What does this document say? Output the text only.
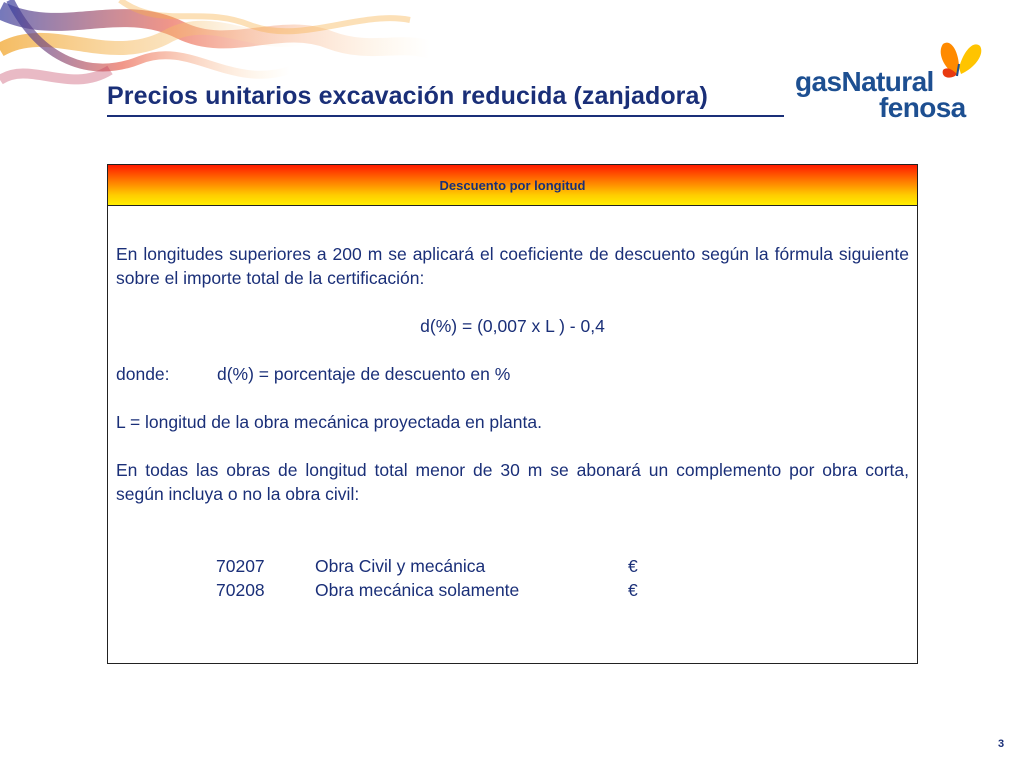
Precios unitarios excavación reducida (zanjadora)	gasNatural
fenosa
Descuento por longitud
En longitudes superiores a 200 m se aplicará el coeficiente de descuento según la fórmula siguiente sobre el importe total de la certificación:
d(%) = (0,007 x L ) - 0,4
donde:	d(%) = porcentaje de descuento en %
L = longitud de la obra mecánica proyectada en planta.
En todas las obras de longitud total menor de 30 m se abonará un complemento por obra corta, según incluya o no la obra civil:
70207	Obra Civil y mecánica	€
70208	Obra mecánica solamente	€
3
